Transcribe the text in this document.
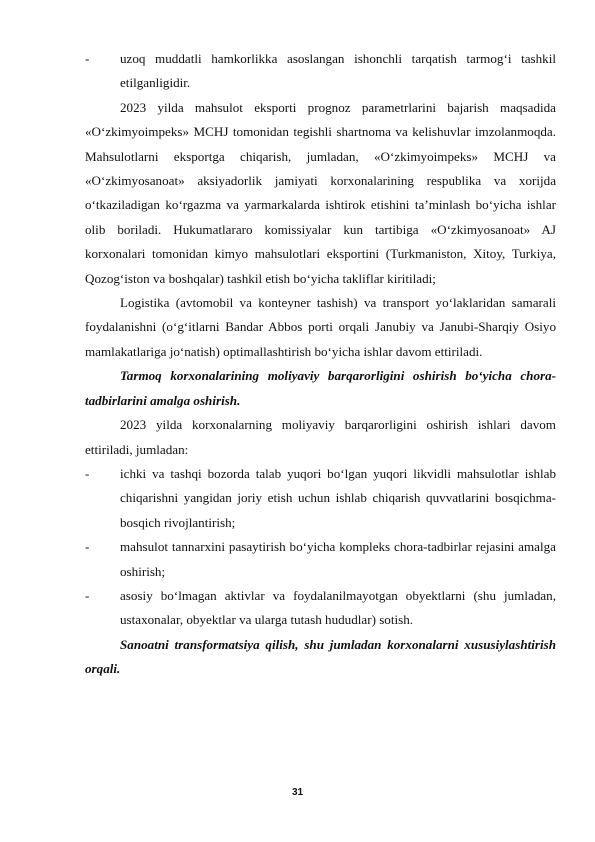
-	uzoq muddatli hamkorlikka asoslangan ishonchli tarqatish tarmog‘i tashkil etilganligidir.

2023 yilda mahsulot eksporti prognoz parametrlarini bajarish maqsadida «O‘zkimyoimpeks» MCHJ tomonidan tegishli shartnoma va kelishuvlar imzolanmoqda. Mahsulotlarni eksportga chiqarish, jumladan, «O‘zkimyoimpeks» MCHJ va «O‘zkimyosanoat» aksiyadorlik jamiyati korxonalarining respublika va xorijda o‘tkaziladigan ko‘rgazma va yarmarkalarda ishtirok etishini ta’minlash bo‘yicha ishlar olib boriladi. Hukumatlararo komissiyalar kun tartibiga «O‘zkimyosanoat» AJ korxonalari tomonidan kimyo mahsulotlari eksportini (Turkmaniston, Xitoy, Turkiya, Qozog‘iston va boshqalar) tashkil etish bo‘yicha takliflar kiritiladi;

Logistika (avtomobil va konteyner tashish) va transport yo‘laklaridan samarali foydalanishni (o‘g‘itlarni Bandar Abbos porti orqali Janubiy va Janubi-Sharqiy Osiyo mamlakatlariga jo‘natish) optimallashtirish bo‘yicha ishlar davom ettiriladi.

Tarmoq korxonalarining moliyaviy barqarorligini oshirish bo‘yicha chora-tadbirlarini amalga oshirish.

2023 yilda korxonalarning moliyaviy barqarorligini oshirish ishlari davom ettiriladi, jumladan:

-	ichki va tashqi bozorda talab yuqori bo‘lgan yuqori likvidli mahsulotlar ishlab chiqarishni yangidan joriy etish uchun ishlab chiqarish quvvatlarini bosqichma-bosqich rivojlantirish;

-	mahsulot tannarxini pasaytirish bo‘yicha kompleks chora-tadbirlar rejasini amalga oshirish;

-	asosiy bo‘lmagan aktivlar va foydalanilmayotgan obyektlarni (shu jumladan, ustaxonalar, obyektlar va ularga tutash hududlar) sotish.

Sanoatni transformatsiya qilish, shu jumladan korxonalarni xususiylashtirish orqali.

31
